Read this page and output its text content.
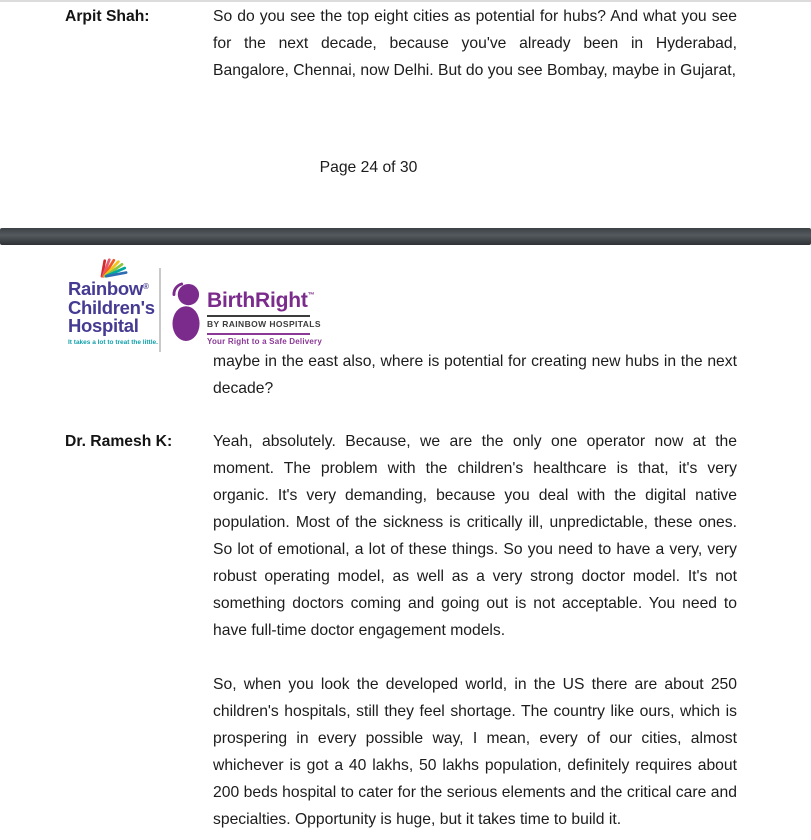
Arpit Shah:	So do you see the top eight cities as potential for hubs? And what you see
for the next decade, because you've already been in Hyderabad,
Bangalore, Chennai, now Delhi. But do you see Bombay, maybe in Gujarat,
Page 24 of 30
Rainbow®
Children's
Hospital
It takes a lot to treat the little.
BirthRight™
BY RAINBOW HOSPITALS
Your Right to a Safe Delivery
maybe in the east also, where is potential for creating new hubs in the next
decade?
Dr. Ramesh K:	Yeah, absolutely. Because, we are the only one operator now at the
moment. The problem with the children's healthcare is that, it's very
organic. It's very demanding, because you deal with the digital native
population. Most of the sickness is critically ill, unpredictable, these ones.
So lot of emotional, a lot of these things. So you need to have a very, very
robust operating model, as well as a very strong doctor model. It's not
something doctors coming and going out is not acceptable. You need to
have full-time doctor engagement models.
So, when you look the developed world, in the US there are about 250
children's hospitals, still they feel shortage. The country like ours, which is
prospering in every possible way, I mean, every of our cities, almost
whichever is got a 40 lakhs, 50 lakhs population, definitely requires about
200 beds hospital to cater for the serious elements and the critical care and
specialties. Opportunity is huge, but it takes time to build it.
